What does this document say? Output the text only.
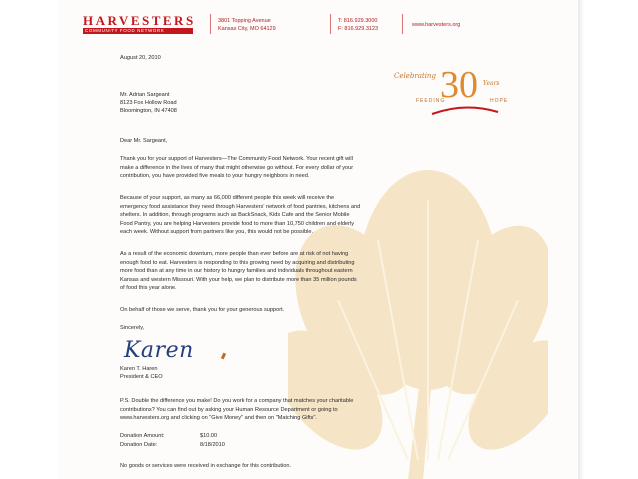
HARVESTERS
COMMUNITY FOOD NETWORK
3801 Topping Avenue
Kansas City, MO 64129
T: 816.929.3000
F: 816.929.3123
www.harvesters.org
Celebrating 30 Years
FEEDING	HOPE
August 20, 2010
Mr. Adrian Sargeant
8123 Fox Hollow Road
Bloomington, IN 47408
Dear Mr. Sargeant,

Thank you for your support of Harvesters—The Community Food Network. Your recent gift will

make a difference in the lives of many that might otherwise go without. For every dollar of your

contribution, you have provided five meals to your hungry neighbors in need.

Because of your support, as many as 66,000 different people this week will receive the

emergency food assistance they need through Harvesters' network of food pantries, kitchens and

shelters. In addition, through programs such as BackSnack, Kids Cafe and the Senior Mobile

Food Pantry, you are helping Harvesters provide food to more than 10,750 children and elderly

each week. Without support from partners like you, this would not be possible.

As a result of the economic downturn, more people than ever before are at risk of not having

enough food to eat. Harvesters is responding to this growing need by acquiring and distributing

more food than at any time in our history to hungry families and individuals throughout eastern

Kansas and western Missouri. With your help, we plan to distribute more than 35 million pounds

of food this year alone.

On behalf of those we serve, thank you for your generous support.

Sincerely,
Karen
Karen T. Haren
President & CEO

P.S. Double the difference you make! Do you work for a company that matches your charitable

contributions? You can find out by asking your Human Resource Department or going to

www.harvesters.org and clicking on "Give Money" and then on "Matching Gifts".

Donation Amount:	$10.00
Donation Date:	8/18/2010
No goods or services were received in exchange for this contribution.
